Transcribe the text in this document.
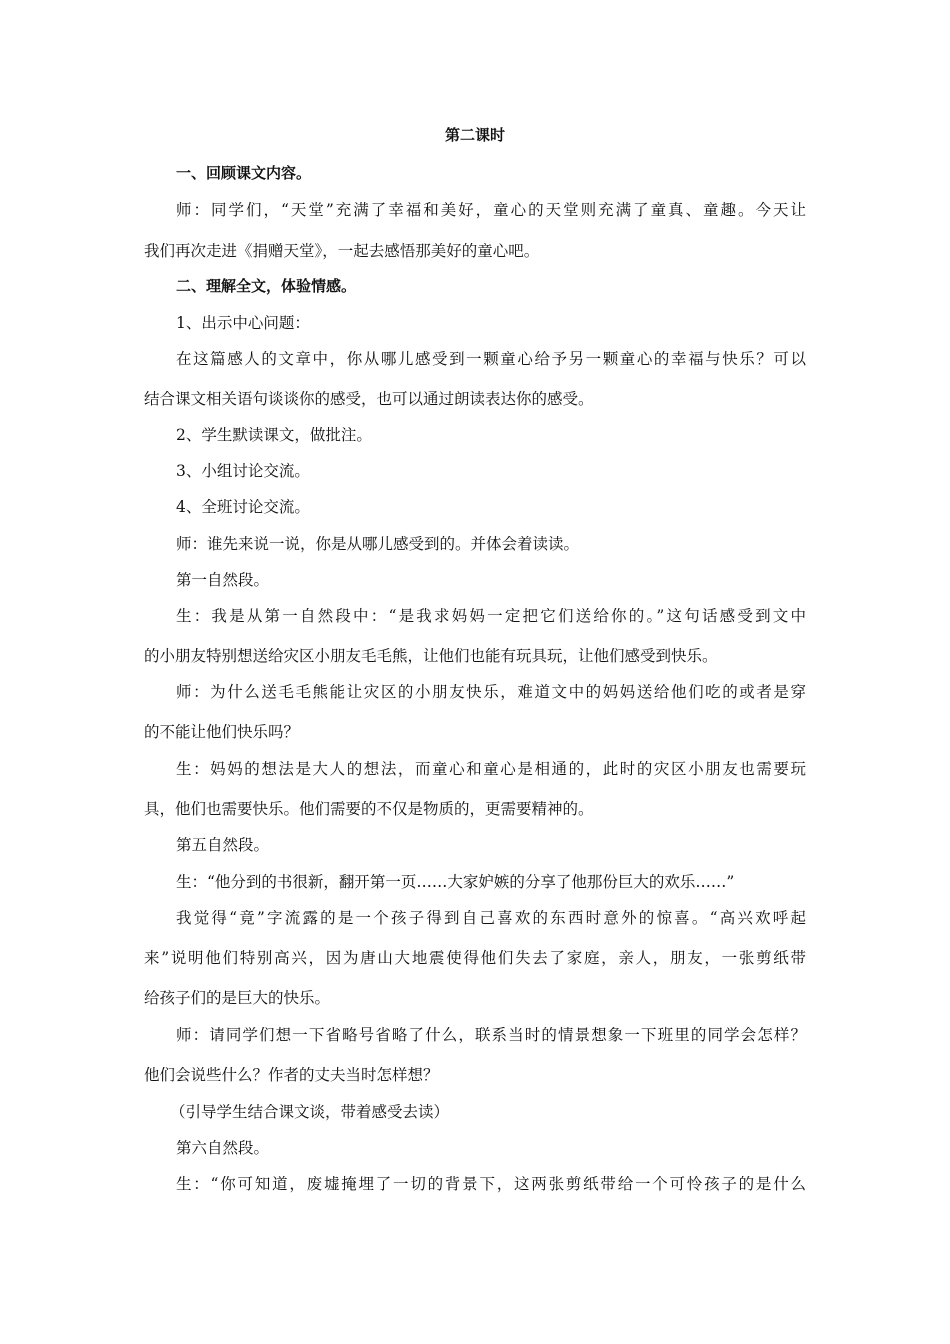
第二课时
一、回顾课文内容。
师：同学们，“天堂”充满了幸福和美好，童心的天堂则充满了童真、童趣。今天让
我们再次走进《捐赠天堂》，一起去感悟那美好的童心吧。
二、理解全文，体验情感。
1、出示中心问题：
在这篇感人的文章中，你从哪儿感受到一颗童心给予另一颗童心的幸福与快乐？可以
结合课文相关语句谈谈你的感受，也可以通过朗读表达你的感受。
2、学生默读课文，做批注。
3、小组讨论交流。
4、全班讨论交流。
师：谁先来说一说，你是从哪儿感受到的。并体会着读读。
第一自然段。
生：我是从第一自然段中：“是我求妈妈一定把它们送给你的。”这句话感受到文中
的小朋友特别想送给灾区小朋友毛毛熊，让他们也能有玩具玩，让他们感受到快乐。
师：为什么送毛毛熊能让灾区的小朋友快乐，难道文中的妈妈送给他们吃的或者是穿
的不能让他们快乐吗？
生：妈妈的想法是大人的想法，而童心和童心是相通的，此时的灾区小朋友也需要玩
具，他们也需要快乐。他们需要的不仅是物质的，更需要精神的。
第五自然段。
生：“他分到的书很新，翻开第一页……大家妒嫉的分享了他那份巨大的欢乐……”
我觉得“竟”字流露的是一个孩子得到自己喜欢的东西时意外的惊喜。“高兴欢呼起
来”说明他们特别高兴，因为唐山大地震使得他们失去了家庭，亲人，朋友，一张剪纸带
给孩子们的是巨大的快乐。
师：请同学们想一下省略号省略了什么，联系当时的情景想象一下班里的同学会怎样？
他们会说些什么？作者的丈夫当时怎样想？
（引导学生结合课文谈，带着感受去读）
第六自然段。
生：“你可知道，废墟掩埋了一切的背景下，这两张剪纸带给一个可怜孩子的是什么
